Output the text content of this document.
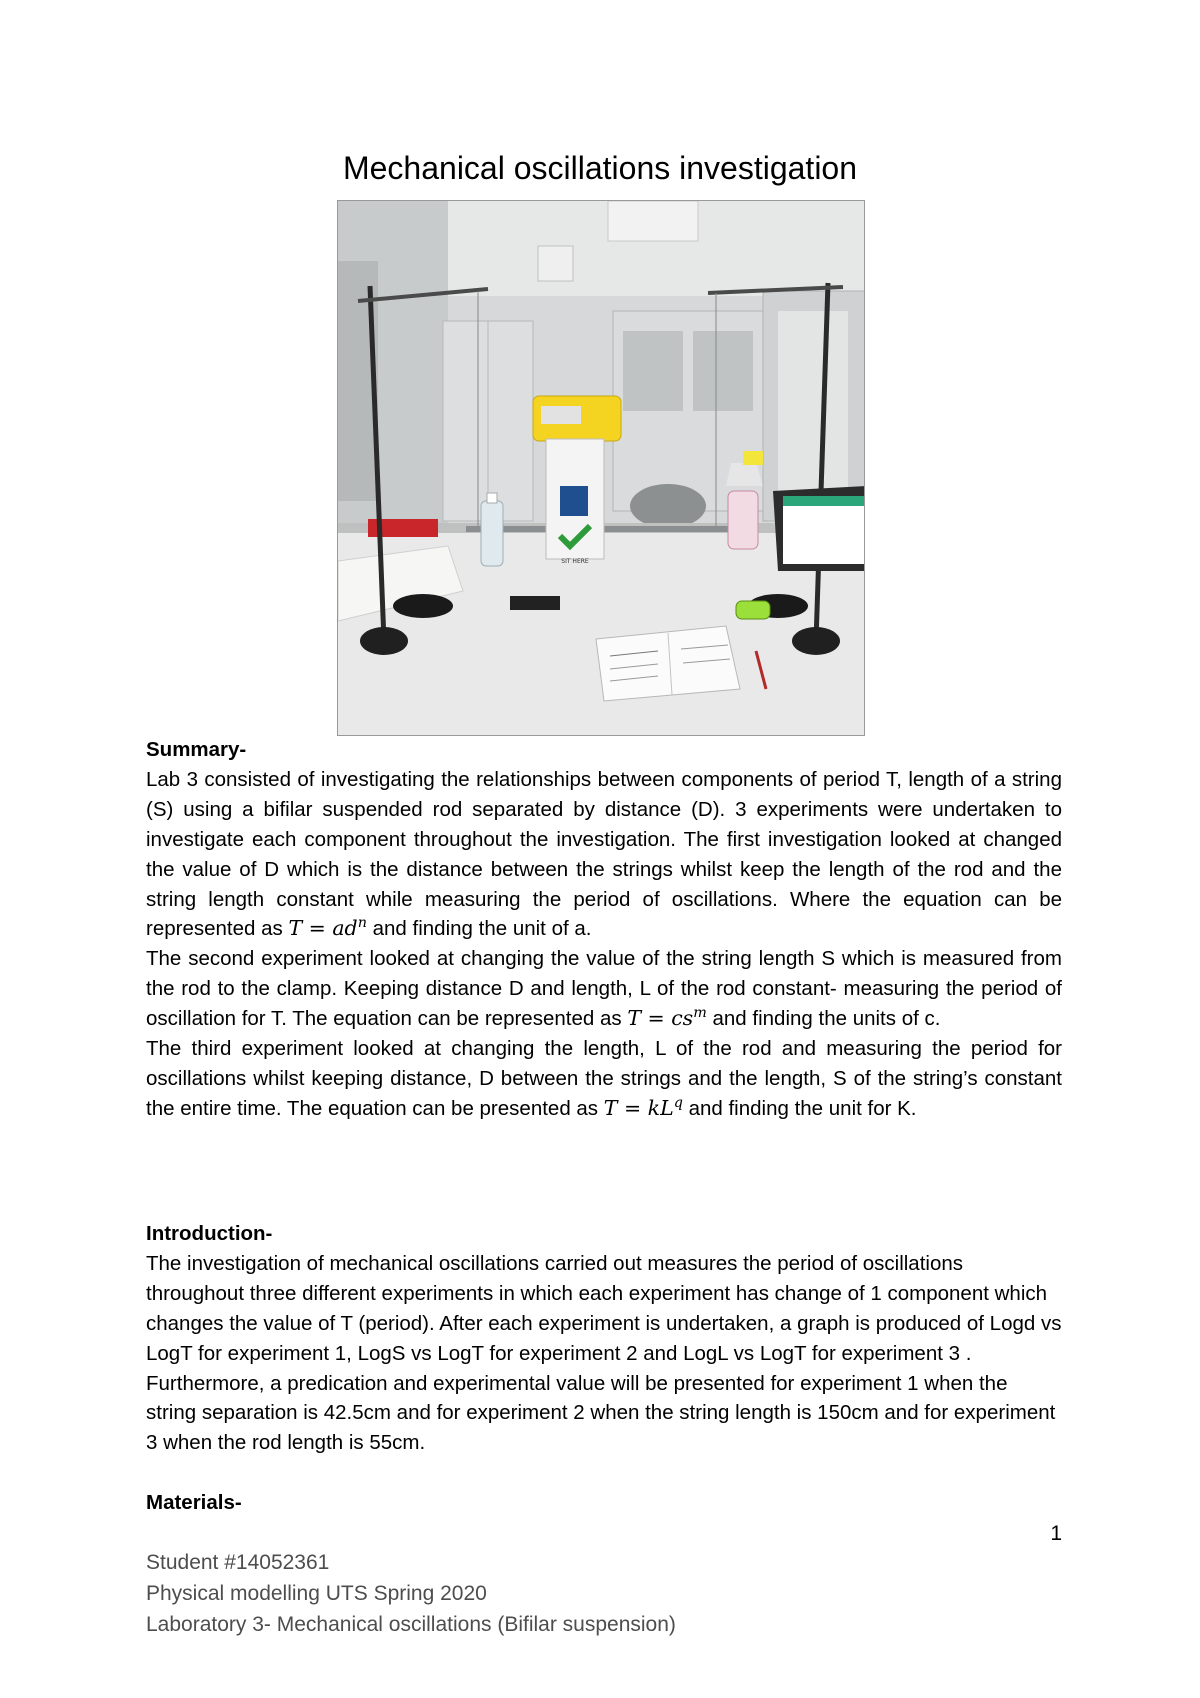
Mechanical oscillations investigation
SIT HERE

Summary-

Lab 3 consisted of investigating the relationships between components of period T, length of a string (S) using a bifilar suspended rod separated by distance (D). 3 experiments were undertaken to investigate each component throughout the investigation. The first investigation looked at changed the value of D which is the distance between the strings whilst keep the length of the rod and the string length constant while measuring the period of oscillations. Where the equation can be represented as $T = ad^n$ and finding the unit of a.

The second experiment looked at changing the value of the string length S which is measured from the rod to the clamp. Keeping distance D and length, L of the rod constant- measuring the period of oscillation for T. The equation can be represented as $T = cs^m$ and finding the units of c.

The third experiment looked at changing the length, L of the rod and measuring the period for oscillations whilst keeping distance, D between the strings and the length, S of the string’s constant the entire time. The equation can be presented as $T = kL^q$ and finding the unit for K.

Introduction-

The investigation of mechanical oscillations carried out measures the period of oscillations throughout three different experiments in which each experiment has change of 1 component which changes the value of T (period). After each experiment is undertaken, a graph is produced of Logd vs LogT for experiment 1, LogS vs LogT for experiment 2 and LogL vs LogT for experiment 3 . Furthermore, a predication and experimental value will be presented for experiment 1 when the string separation is 42.5cm and for experiment 2 when the string length is 150cm and for experiment 3 when the rod length is 55cm.

Materials-

1
Student #14052361
Physical modelling UTS Spring 2020
Laboratory 3- Mechanical oscillations (Bifilar suspension)
